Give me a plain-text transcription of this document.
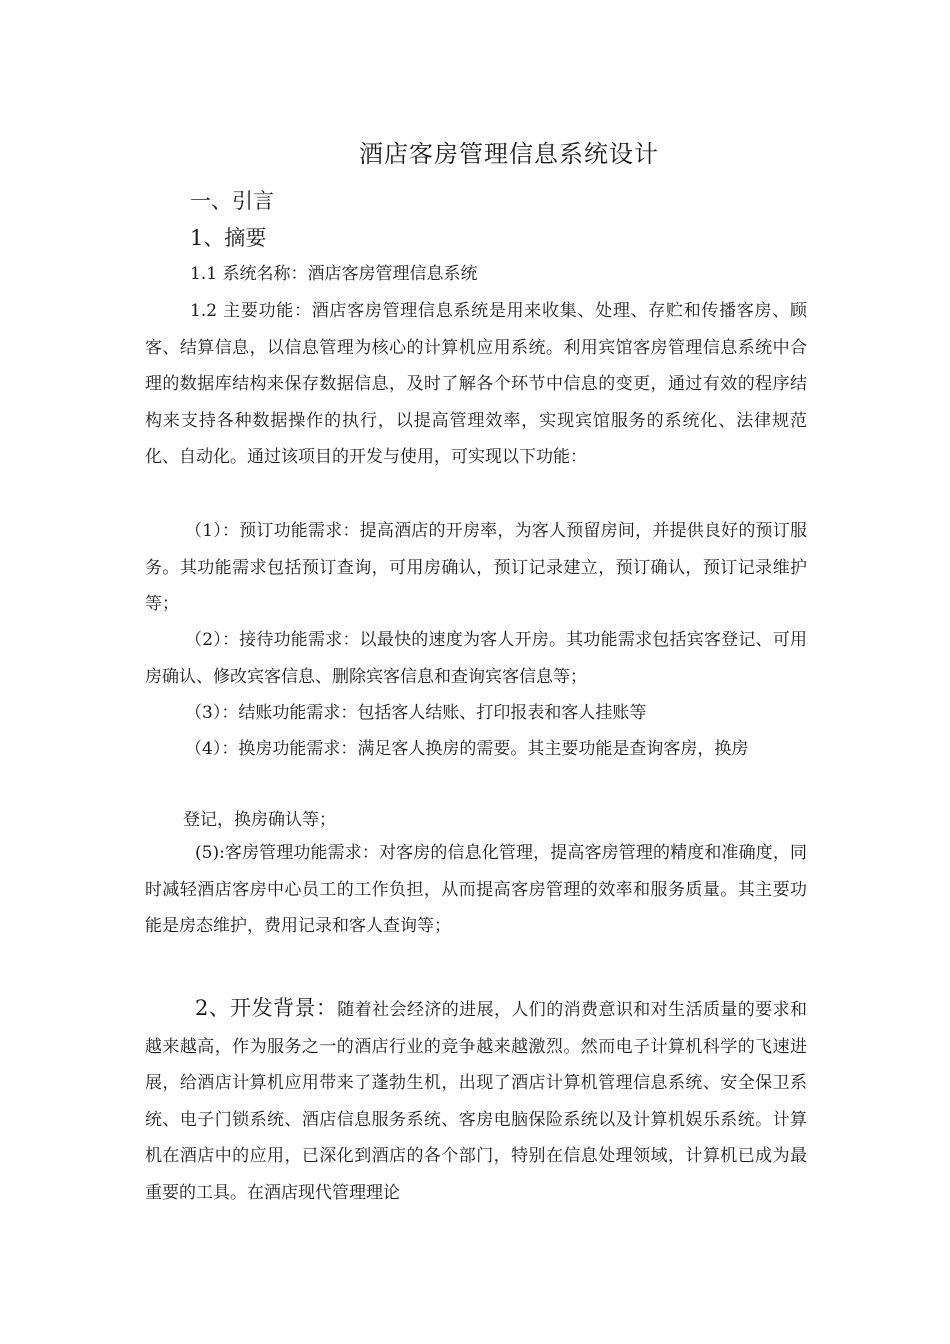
酒店客房管理信息系统设计
一、引言
1、摘要
1.1 系统名称：酒店客房管理信息系统
1.2 主要功能：酒店客房管理信息系统是用来收集、处理、存贮和传播客房、顾客、结算信息，以信息管理为核心的计算机应用系统。利用宾馆客房管理信息系统中合理的数据库结构来保存数据信息，及时了解各个环节中信息的变更，通过有效的程序结构来支持各种数据操作的执行，以提高管理效率，实现宾馆服务的系统化、法律规范化、自动化。通过该项目的开发与使用，可实现以下功能：
（1）：预订功能需求：提高酒店的开房率，为客人预留房间，并提供良好的预订服务。其功能需求包括预订查询，可用房确认，预订记录建立，预订确认，预订记录维护等；
（2）：接待功能需求：以最快的速度为客人开房。其功能需求包括宾客登记、可用房确认、修改宾客信息、删除宾客信息和查询宾客信息等；
（3）：结账功能需求：包括客人结账、打印报表和客人挂账等
（4）：换房功能需求：满足客人换房的需要。其主要功能是查询客房，换房
登记，换房确认等；
(5):客房管理功能需求：对客房的信息化管理，提高客房管理的精度和准确度，同时减轻酒店客房中心员工的工作负担，从而提高客房管理的效率和服务质量。其主要功能是房态维护，费用记录和客人查询等；
2、开发背景：随着社会经济的进展，人们的消费意识和对生活质量的要求和越来越高，作为服务之一的酒店行业的竞争越来越激烈。然而电子计算机科学的飞速进展，给酒店计算机应用带来了蓬勃生机，出现了酒店计算机管理信息系统、安全保卫系统、电子门锁系统、酒店信息服务系统、客房电脑保险系统以及计算机娱乐系统。计算机在酒店中的应用，已深化到酒店的各个部门，特别在信息处理领域，计算机已成为最重要的工具。在酒店现代管理理论
